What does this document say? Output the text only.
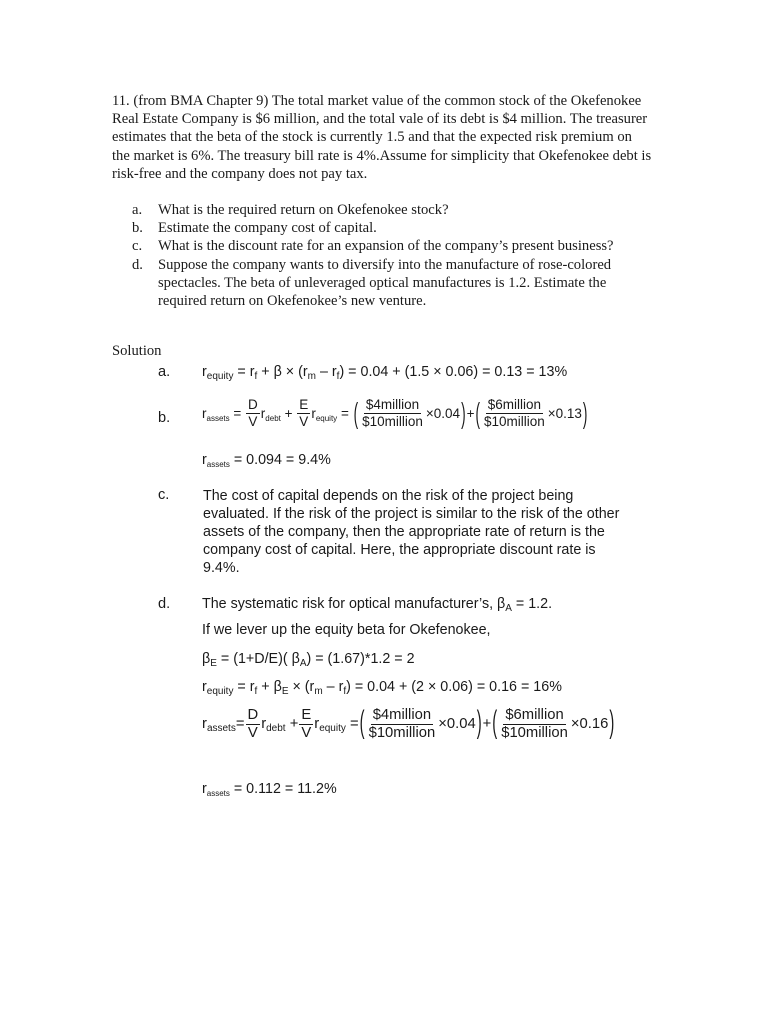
11. (from BMA Chapter 9) The total market value of the common stock of the Okefenokee Real Estate Company is $6 million, and the total vale of its debt is $4 million. The treasurer estimates that the beta of the stock is currently 1.5 and that the expected risk premium on the market is 6%. The treasury bill rate is 4%.Assume for simplicity that Okefenokee debt is risk-free and the company does not pay tax.

a. What is the required return on Okefenokee stock?
b. Estimate the company cost of capital.
c. What is the discount rate for an expansion of the company’s present business?
d. Suppose the company wants to diversify into the manufacture of rose-colored spectacles. The beta of unleveraged optical manufactures is 1.2. Estimate the required return on Okefenokee’s new venture.
Solution
a. $r_{equity} = r_f + \beta \times (r_m - r_f) = 0.04 + (1.5 \times 0.06) = 0.13 = 13\%$
b. $r_{assets}$
=
$\frac{D}{V} r_{debt}$
+
$\frac{E}{V} r_{equity}$
=
( $\frac{\text{\$4million}}{\text{\$10million}} \times 0.04$ ) + ( $\frac{\text{\$6million}}{\text{\$10million}} \times 0.13$ )
$r_{assets} = 0.094 = 9.4\%$
c. The cost of capital depends on the risk of the project being evaluated. If the risk of the project is similar to the risk of the other assets of the company, then the appropriate rate of return is the company cost of capital. Here, the appropriate discount rate is 9.4%.
d. The systematic risk for optical manufacturer’s, $\beta_A = 1.2$.
If we lever up the equity beta for Okefenokee,
$\beta_E = (1+D/E)$( $\beta_A) = (1.67)*1.2 = 2$
$r_{equity} = r_f + \beta_E \times (r_m - r_f) = 0.04 + (2 \times 0.06) = 0.16 = 16\%$
$r_{assets} = \frac{D}{V} r_{debt}$
+ $\frac{E}{V} r_{equity}$
= ( $\frac{\text{\$4million}}{\text{\$10million}} \times 0.04$ ) + ( $\frac{\text{\$6million}}{\text{\$10million}} \times 0.16$ )
$r_{assets} = 0.112 = 11.2\%$
